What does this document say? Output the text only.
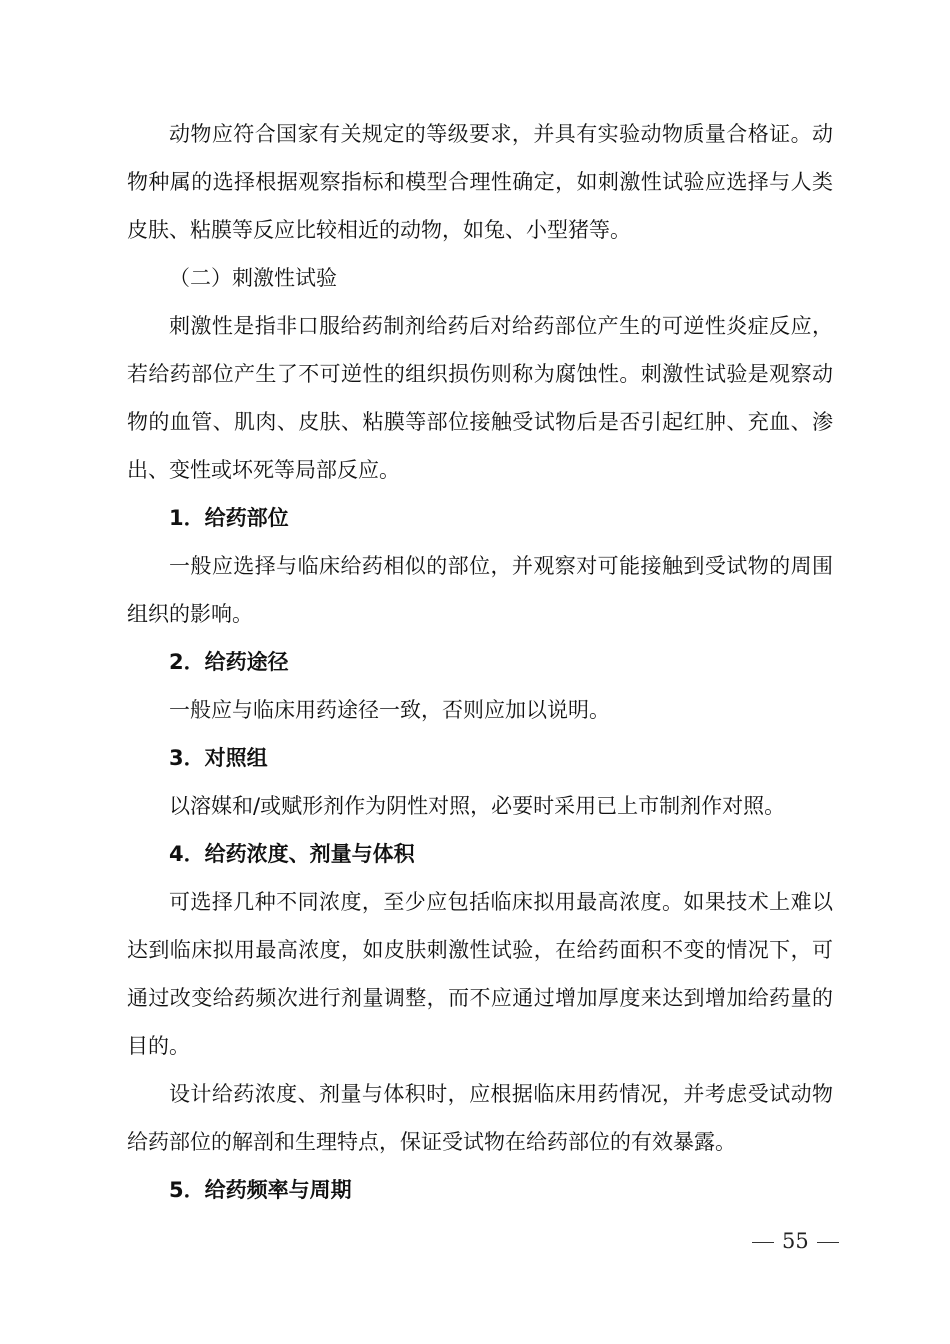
动物应符合国家有关规定的等级要求，并具有实验动物质量合格证。动物种属的选择根据观察指标和模型合理性确定，如刺激性试验应选择与人类皮肤、粘膜等反应比较相近的动物，如兔、小型猪等。

（二）刺激性试验

刺激性是指非口服给药制剂给药后对给药部位产生的可逆性炎症反应，若给药部位产生了不可逆性的组织损伤则称为腐蚀性。刺激性试验是观察动物的血管、肌肉、皮肤、粘膜等部位接触受试物后是否引起红肿、充血、渗出、变性或坏死等局部反应。

1．给药部位

一般应选择与临床给药相似的部位，并观察对可能接触到受试物的周围组织的影响。

2．给药途径

一般应与临床用药途径一致，否则应加以说明。

3．对照组

以溶媒和/或赋形剂作为阴性对照，必要时采用已上市制剂作对照。

4．给药浓度、剂量与体积

可选择几种不同浓度，至少应包括临床拟用最高浓度。如果技术上难以达到临床拟用最高浓度，如皮肤刺激性试验，在给药面积不变的情况下，可通过改变给药频次进行剂量调整，而不应通过增加厚度来达到增加给药量的目的。

设计给药浓度、剂量与体积时，应根据临床用药情况，并考虑受试动物给药部位的解剖和生理特点，保证受试物在给药部位的有效暴露。

5．给药频率与周期

55
